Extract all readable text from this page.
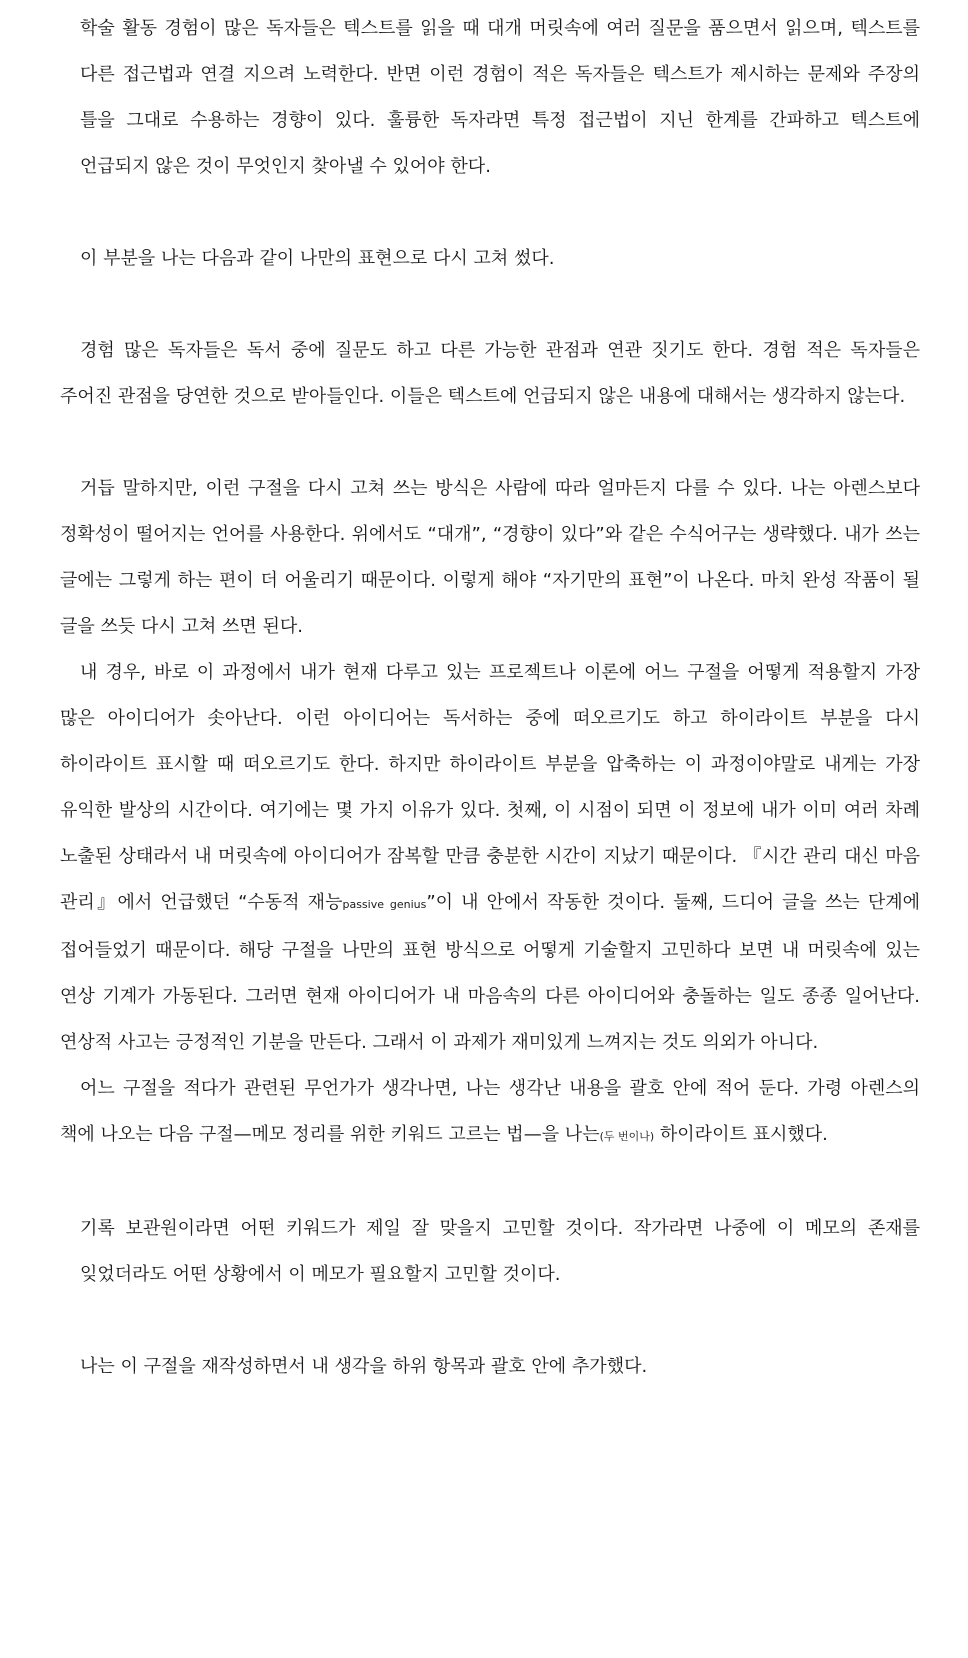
학술 활동 경험이 많은 독자들은 텍스트를 읽을 때 대개 머릿속에 여러 질문을 품으면서 읽으며, 텍스트를 다른 접근법과 연결 지으려 노력한다. 반면 이런 경험이 적은 독자들은 텍스트가 제시하는 문제와 주장의 틀을 그대로 수용하는 경향이 있다. 훌륭한 독자라면 특정 접근법이 지닌 한계를 간파하고 텍스트에 언급되지 않은 것이 무엇인지 찾아낼 수 있어야 한다.

이 부분을 나는 다음과 같이 나만의 표현으로 다시 고쳐 썼다.

경험 많은 독자들은 독서 중에 질문도 하고 다른 가능한 관점과 연관 짓기도 한다. 경험 적은 독자들은 주어진 관점을 당연한 것으로 받아들인다. 이들은 텍스트에 언급되지 않은 내용에 대해서는 생각하지 않는다.

거듭 말하지만, 이런 구절을 다시 고쳐 쓰는 방식은 사람에 따라 얼마든지 다를 수 있다. 나는 아렌스보다 정확성이 떨어지는 언어를 사용한다. 위에서도 “대개”, “경향이 있다”와 같은 수식어구는 생략했다. 내가 쓰는 글에는 그렇게 하는 편이 더 어울리기 때문이다. 이렇게 해야 “자기만의 표현”이 나온다. 마치 완성 작품이 될 글을 쓰듯 다시 고쳐 쓰면 된다.

내 경우, 바로 이 과정에서 내가 현재 다루고 있는 프로젝트나 이론에 어느 구절을 어떻게 적용할지 가장 많은 아이디어가 솟아난다. 이런 아이디어는 독서하는 중에 떠오르기도 하고 하이라이트 부분을 다시 하이라이트 표시할 때 떠오르기도 한다. 하지만 하이라이트 부분을 압축하는 이 과정이야말로 내게는 가장 유익한 발상의 시간이다. 여기에는 몇 가지 이유가 있다. 첫째, 이 시점이 되면 이 정보에 내가 이미 여러 차례 노출된 상태라서 내 머릿속에 아이디어가 잠복할 만큼 충분한 시간이 지났기 때문이다. 『시간 관리 대신 마음 관리』에서 언급했던 “수동적 재능passive genius”이 내 안에서 작동한 것이다. 둘째, 드디어 글을 쓰는 단계에 접어들었기 때문이다. 해당 구절을 나만의 표현 방식으로 어떻게 기술할지 고민하다 보면 내 머릿속에 있는 연상 기계가 가동된다. 그러면 현재 아이디어가 내 마음속의 다른 아이디어와 충돌하는 일도 종종 일어난다. 연상적 사고는 긍정적인 기분을 만든다. 그래서 이 과제가 재미있게 느껴지는 것도 의외가 아니다.

어느 구절을 적다가 관련된 무언가가 생각나면, 나는 생각난 내용을 괄호 안에 적어 둔다. 가령 아렌스의 책에 나오는 다음 구절—메모 정리를 위한 키워드 고르는 법—을 나는(두 번이나) 하이라이트 표시했다.

기록 보관원이라면 어떤 키워드가 제일 잘 맞을지 고민할 것이다. 작가라면 나중에 이 메모의 존재를 잊었더라도 어떤 상황에서 이 메모가 필요할지 고민할 것이다.

나는 이 구절을 재작성하면서 내 생각을 하위 항목과 괄호 안에 추가했다.
